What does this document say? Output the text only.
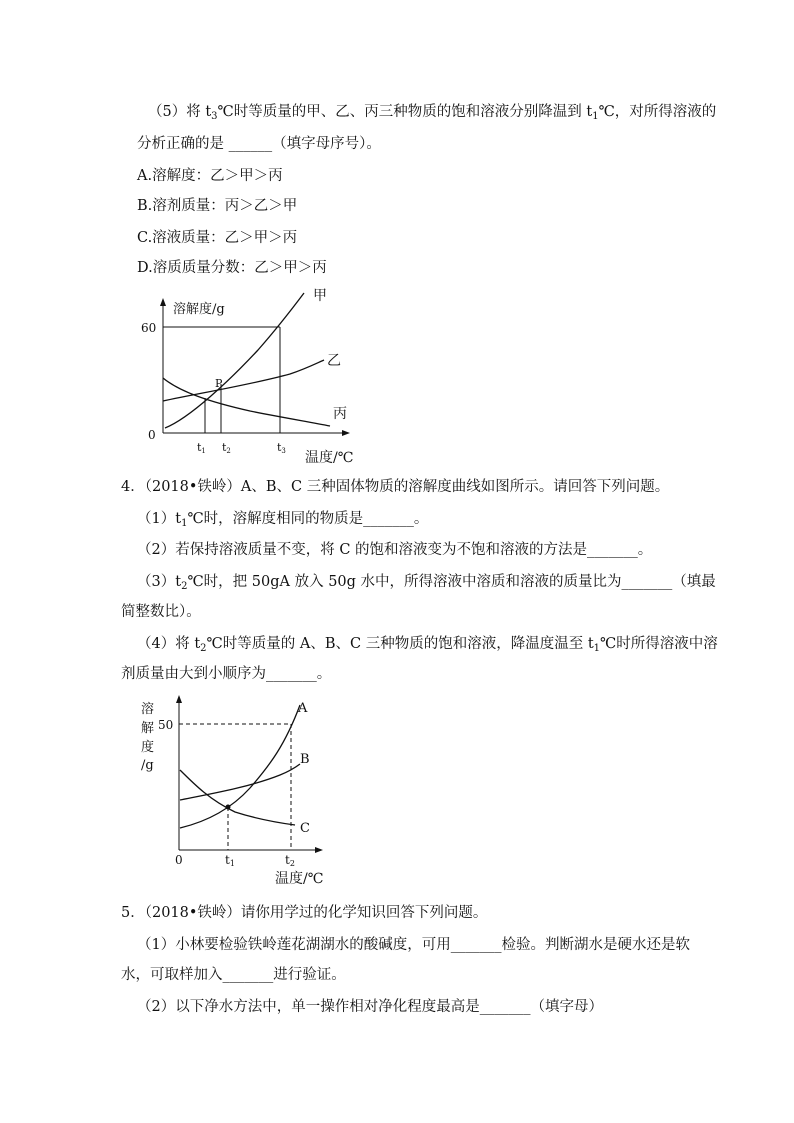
（5）将 $t_3℃$时等质量的甲、乙、丙三种物质的饱和溶液分别降温到 $t_1℃$，对所得溶液的
分析正确的是 ______（填字母序号）。
A.溶解度：乙＞甲＞丙
B.溶剂质量：丙＞乙＞甲
C.溶液质量：乙＞甲＞丙
D.溶质质量分数：乙＞甲＞丙
溶解度/g
60
0
P
t1 t2	t3 温度/℃
甲
乙
丙
溶
解
度
/g
50
0	t1	t2
温度/℃
A
B
C
4．（2018•铁岭）A、B、C 三种固体物质的溶解度曲线如图所示。请回答下列问题。
$(1)t_1℃$时，溶解度相同的物质是_______。
（2）若保持溶液质量不变，将 C 的饱和溶液变为不饱和溶液的方法是_______。
$(3)t_2℃$时，把 50gA 放入 50g 水中，所得溶液中溶质和溶液的质量比为_______（填最
简整数比）。
（4）将 $t_2℃$时等质量的 A、B、C 三种物质的饱和溶液，降温度温至 $t_1℃$时所得溶液中溶
剂质量由大到小顺序为_______。
5．（2018•铁岭）请你用学过的化学知识回答下列问题。
（1）小林要检验铁岭莲花湖湖水的酸碱度，可用_______检验。判断湖水是硬水还是软
水，可取样加入_______进行验证。
（2）以下净水方法中，单一操作相对净化程度最高是_______（填字母）
